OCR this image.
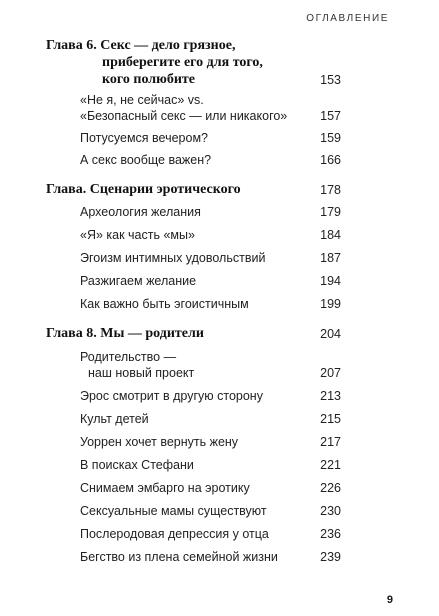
ОГЛАВЛЕНИЕ
Глава 6. Секс — дело грязное,
приберегите его для того,
кого полюбите	153
«Не я, не сейчас» vs.
«Безопасный секс — или никакого»	157
Потусуемся вечером?	159
А секс вообще важен?	166
Глава. Сценарии эротического	178
Археология желания	179
«Я» как часть «мы»	184
Эгоизм интимных удовольствий	187
Разжигаем желание	194
Как важно быть эгоистичным	199
Глава 8. Мы — родители	204
Родительство —
наш новый проект	207
Эрос смотрит в другую сторону	213
Культ детей	215
Уоррен хочет вернуть жену	217
В поисках Стефани	221
Снимаем эмбарго на эротику	226
Сексуальные мамы существуют	230
Послеродовая депрессия у отца	236
Бегство из плена семейной жизни	239
9
